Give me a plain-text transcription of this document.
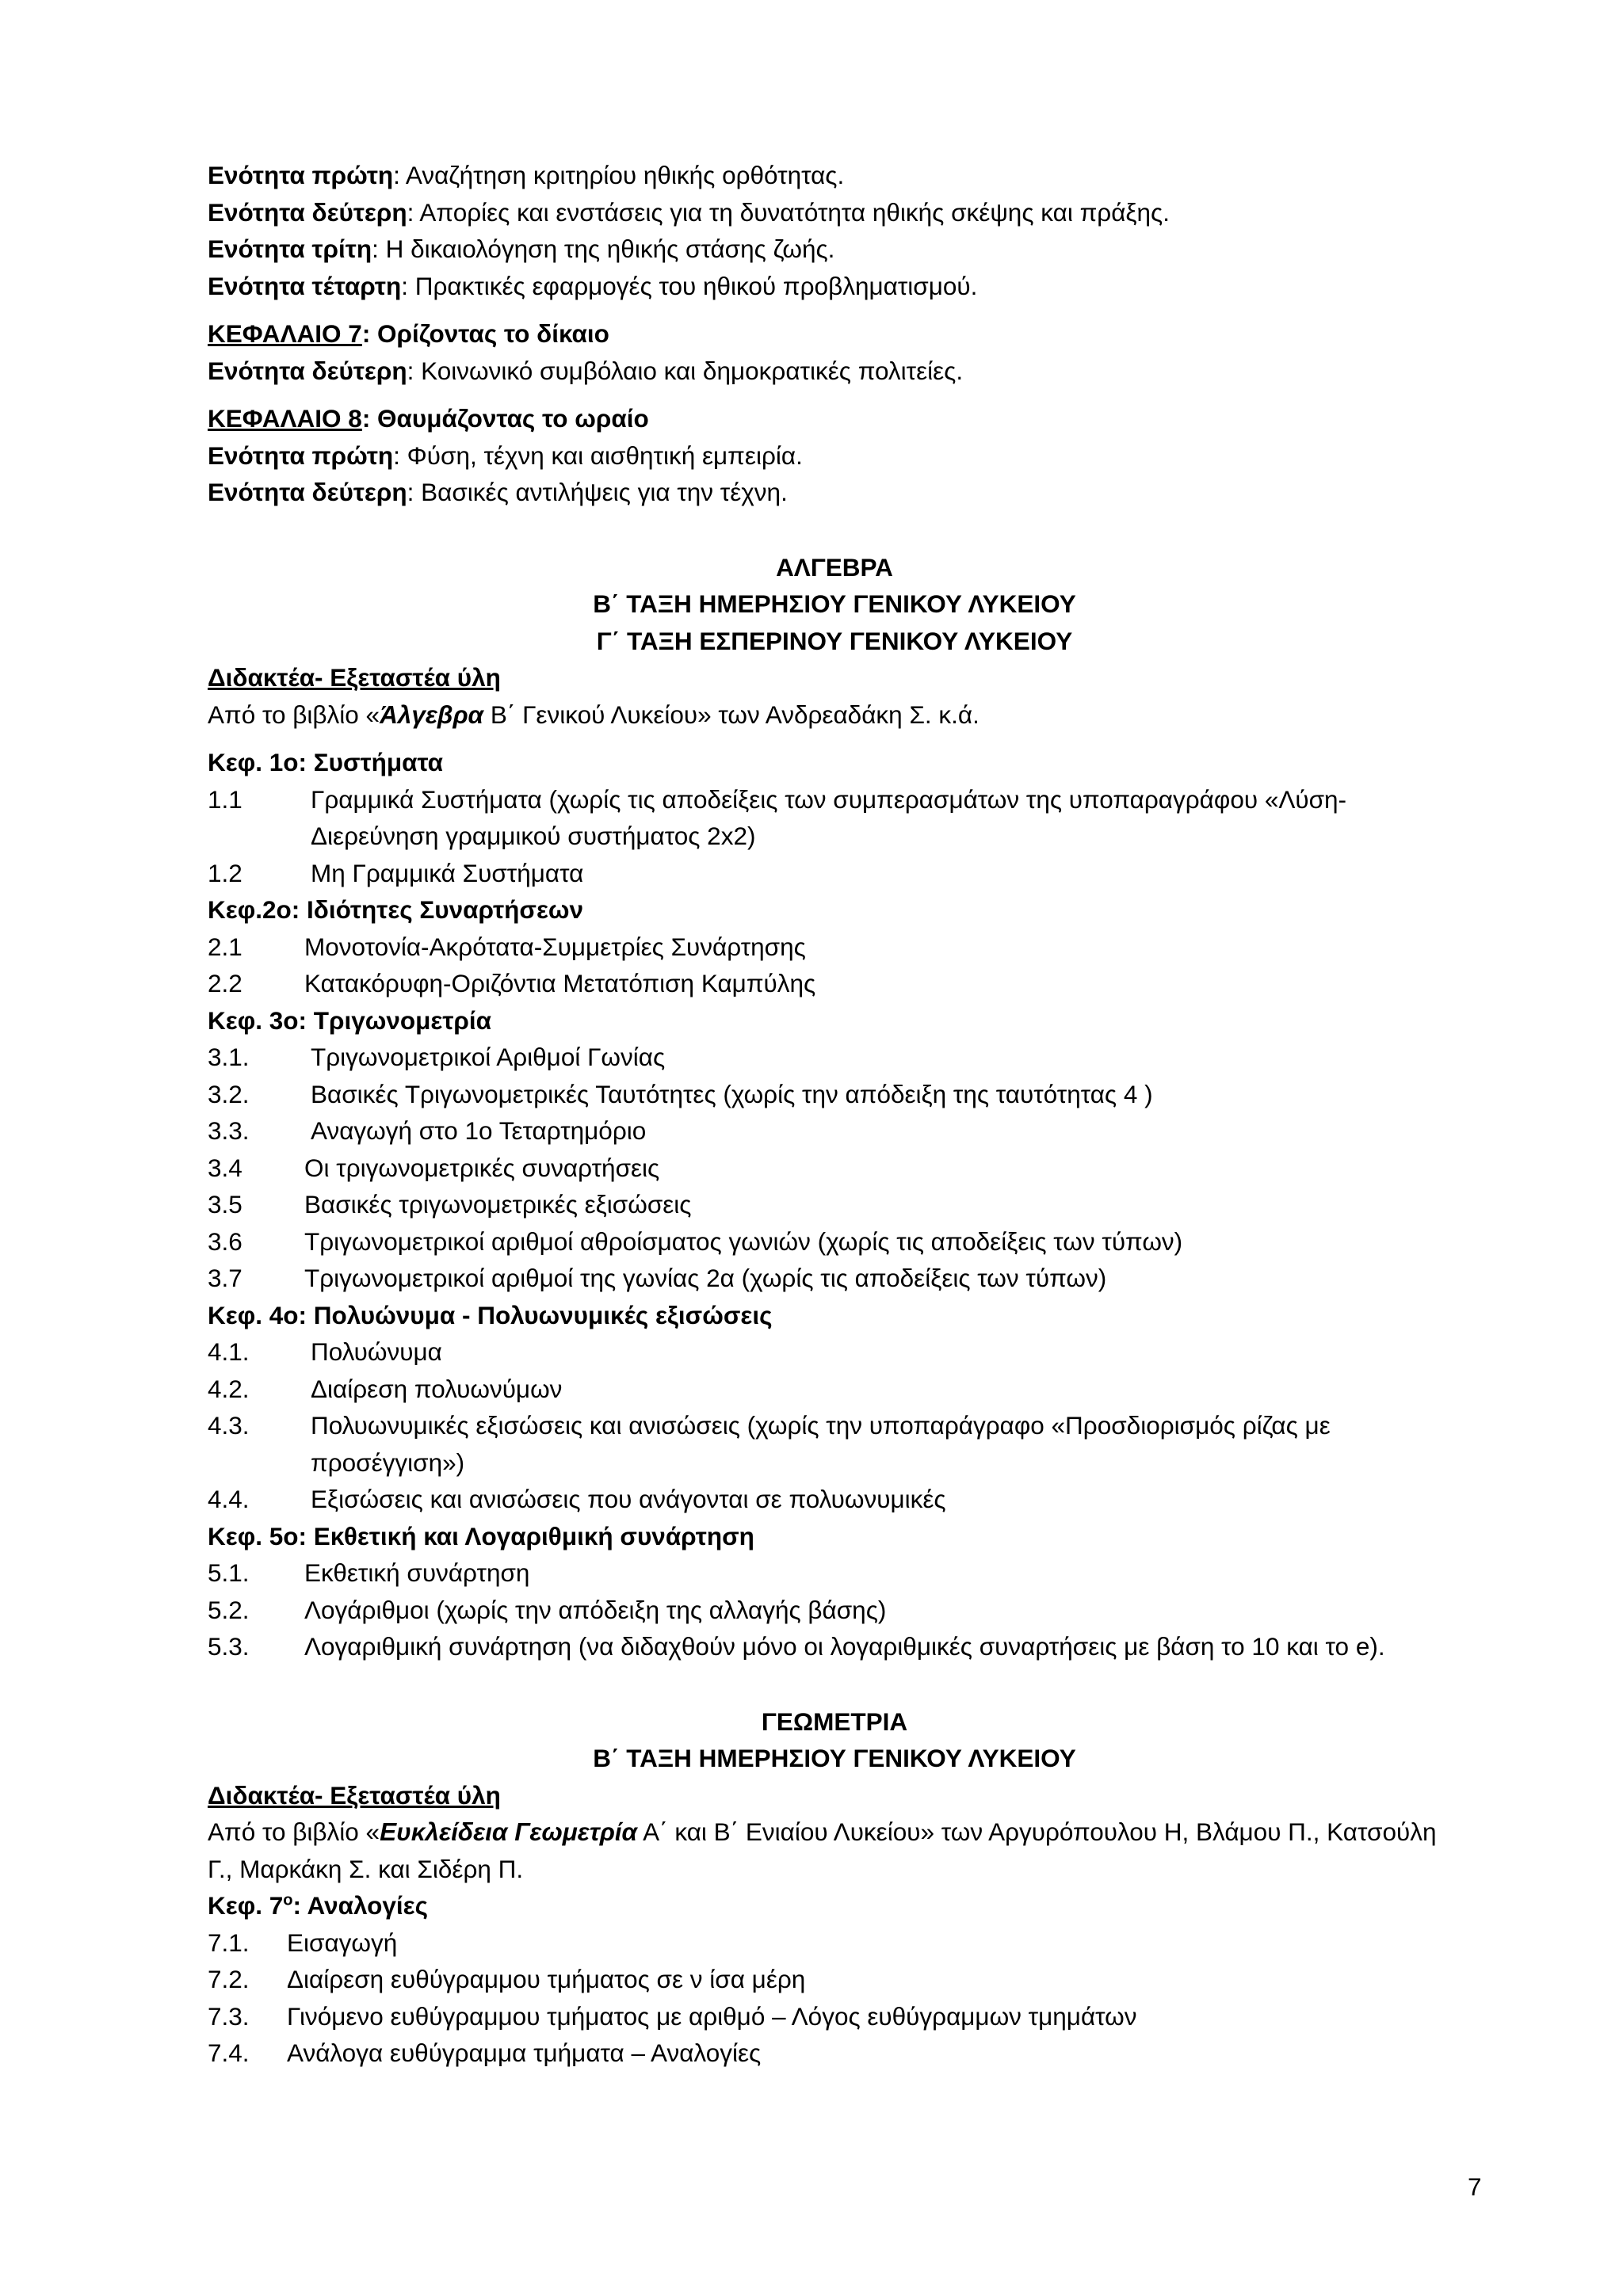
Ενότητα πρώτη: Αναζήτηση κριτηρίου ηθικής ορθότητας.
Ενότητα δεύτερη: Απορίες και ενστάσεις για τη δυνατότητα ηθικής σκέψης και πράξης.
Ενότητα τρίτη: Η δικαιολόγηση της ηθικής στάσης ζωής.
Ενότητα τέταρτη: Πρακτικές εφαρμογές του ηθικού προβληματισμού.
ΚΕΦΑΛΑΙΟ 7: Ορίζοντας το δίκαιο
Ενότητα δεύτερη: Κοινωνικό συμβόλαιο και δημοκρατικές πολιτείες.
ΚΕΦΑΛΑΙΟ 8: Θαυμάζοντας το ωραίο
Ενότητα πρώτη: Φύση, τέχνη και αισθητική εμπειρία.
Ενότητα δεύτερη: Βασικές αντιλήψεις για την τέχνη.
ΑΛΓΕΒΡΑ
Β΄ ΤΑΞΗ ΗΜΕΡΗΣΙΟΥ ΓΕΝΙΚΟΥ ΛΥΚΕΙΟΥ
Γ΄ ΤΑΞΗ ΕΣΠΕΡΙΝΟΥ ΓΕΝΙΚΟΥ ΛΥΚΕΙΟΥ
Διδακτέα- Εξεταστέα ύλη
Από το βιβλίο «Άλγεβρα Β΄ Γενικού Λυκείου» των Ανδρεαδάκη Σ. κ.ά.
Κεφ. 1ο: Συστήματα
1.1	Γραμμικά Συστήματα (χωρίς τις αποδείξεις των συμπερασμάτων της υποπαραγράφου «Λύση-Διερεύνηση γραμμικού συστήματος 2x2)
1.2	Μη Γραμμικά Συστήματα
Κεφ.2ο: Ιδιότητες Συναρτήσεων
2.1	Μονοτονία-Ακρότατα-Συμμετρίες Συνάρτησης
2.2	Κατακόρυφη-Οριζόντια Μετατόπιση Καμπύλης
Κεφ. 3ο: Τριγωνομετρία
3.1.	Τριγωνομετρικοί Αριθμοί Γωνίας
3.2.	Βασικές Τριγωνομετρικές Ταυτότητες (χωρίς την απόδειξη της ταυτότητας 4 )
3.3.	Αναγωγή στο 1ο Τεταρτημόριο
3.4	Οι τριγωνομετρικές συναρτήσεις
3.5	Βασικές τριγωνομετρικές εξισώσεις
3.6	Τριγωνομετρικοί αριθμοί αθροίσματος γωνιών (χωρίς τις αποδείξεις των τύπων)
3.7	Τριγωνομετρικοί αριθμοί της γωνίας 2α (χωρίς τις αποδείξεις των τύπων)
Κεφ. 4ο: Πολυώνυμα - Πολυωνυμικές εξισώσεις
4.1.	Πολυώνυμα
4.2.	Διαίρεση πολυωνύμων
4.3.	Πολυωνυμικές εξισώσεις και ανισώσεις (χωρίς την υποπαράγραφο «Προσδιορισμός ρίζας με προσέγγιση»)
4.4.	Εξισώσεις και ανισώσεις που ανάγονται σε πολυωνυμικές
Κεφ. 5ο: Εκθετική και Λογαριθμική συνάρτηση
5.1.	Εκθετική συνάρτηση
5.2.	Λογάριθμοι (χωρίς την απόδειξη της αλλαγής βάσης)
5.3.	Λογαριθμική συνάρτηση (να διδαχθούν μόνο οι λογαριθμικές συναρτήσεις με βάση το 10 και το e).
ΓΕΩΜΕΤΡΙΑ
Β΄ ΤΑΞΗ ΗΜΕΡΗΣΙΟΥ ΓΕΝΙΚΟΥ ΛΥΚΕΙΟΥ
Διδακτέα- Εξεταστέα ύλη
Από το βιβλίο «Ευκλείδεια Γεωμετρία Α΄ και Β΄ Ενιαίου Λυκείου» των Αργυρόπουλου Η, Βλάμου Π., Κατσούλη Γ., Μαρκάκη Σ. και Σιδέρη Π.
Κεφ. $7^o$: Αναλογίες
7.1.	Εισαγωγή
7.2.	Διαίρεση ευθύγραμμου τμήματος σε ν ίσα μέρη
7.3.	Γινόμενο ευθύγραμμου τμήματος με αριθμό – Λόγος ευθύγραμμων τμημάτων
7.4.	Ανάλογα ευθύγραμμα τμήματα – Αναλογίες
7
